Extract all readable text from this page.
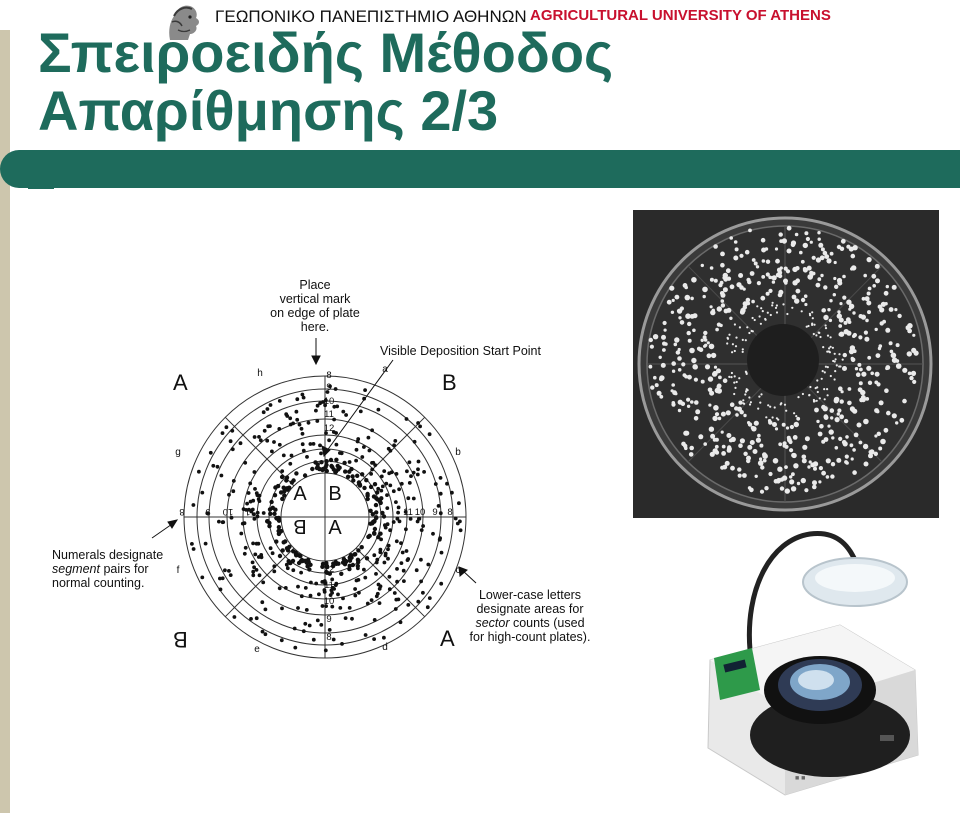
ΓΕΩΠΟΝΙΚΟ ΠΑΝΕΠΙΣΤΗΜΙΟ ΑΘΗΝΩΝ AGRICULTURAL UNIVERSITY OF ATHENS
Σπειροειδής Μέθοδος
Απαρίθμησης 2/3
8
9
10
11
12
12
11
10
9
8
8 9 10 11	11 10 9 8
a
b
c
d
e
f
g
h
A B
B A
Place
vertical mark
on edge of plate
here.
Visible Deposition Start Point
Numerals designate
segment pairs for
normal counting.
Lower-case letters
designate areas for
sector counts (used
for high-count plates).
A	B
B	A
■ ■
